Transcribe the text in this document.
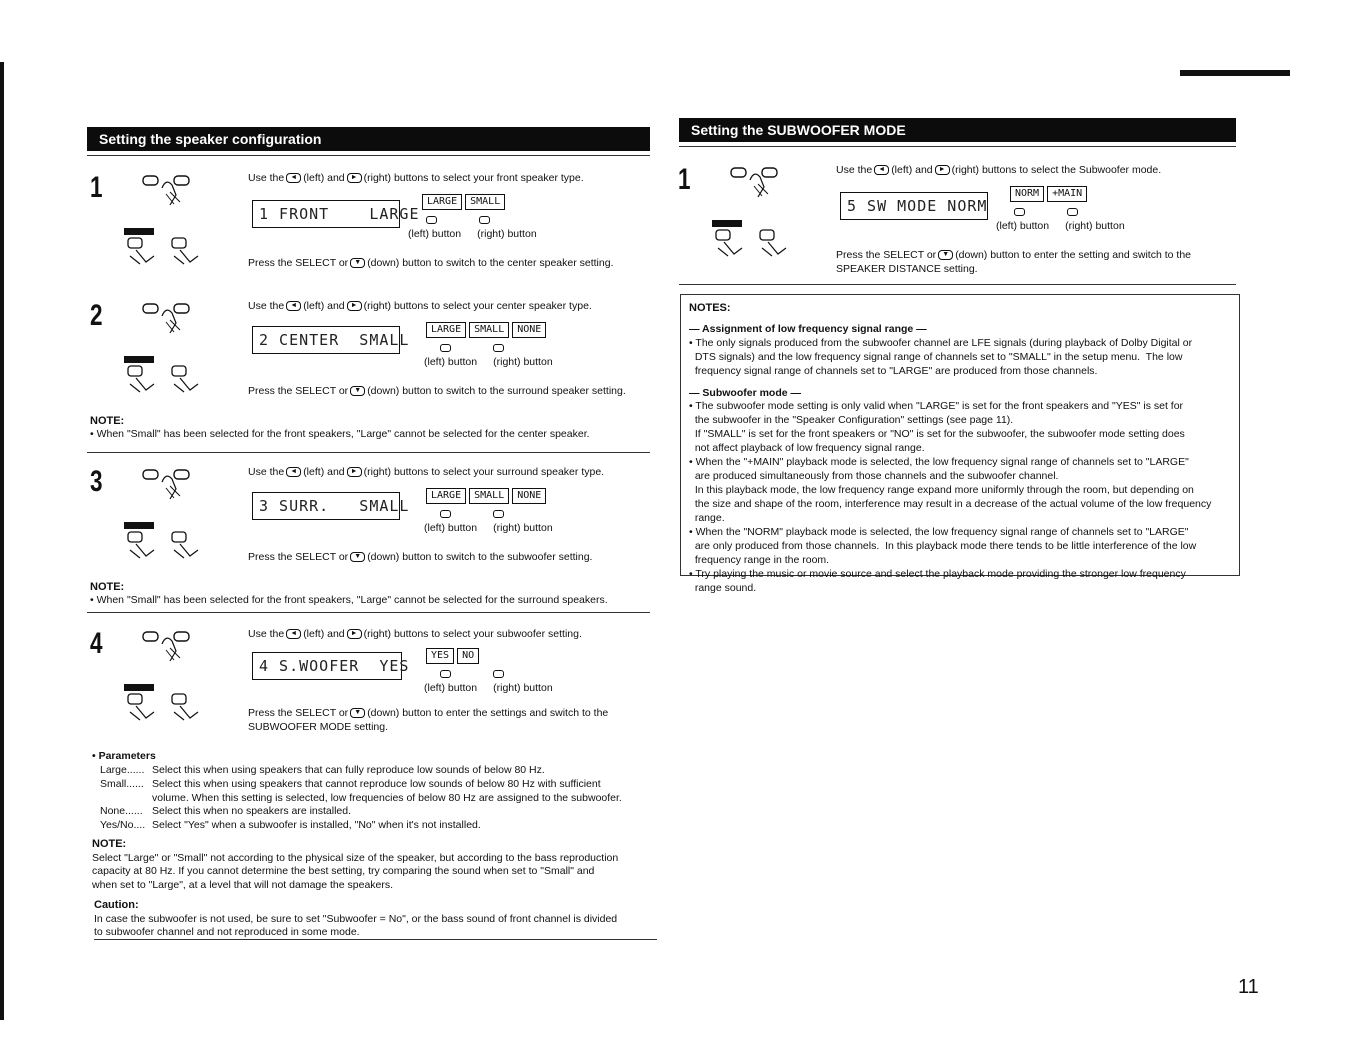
Setting the speaker configuration
1	Use the ◄ (left) and ► (right) buttons to select your front speaker type.
1 FRONT    LARGE
LARGE	SMALL
(left) button (right) button
Press the SELECT or ▼ (down) button to switch to the center speaker setting.
2	Use the ◄ (left) and ► (right) buttons to select your center speaker type.
2 CENTER  SMALL
LARGE	SMALL	NONE
(left) button (right) button
Press the SELECT or ▼ (down) button to switch to the surround speaker setting.
3	Use the ◄ (left) and ► (right) buttons to select your surround speaker type.
3 SURR.   SMALL
LARGE	SMALL	NONE
(left) button (right) button
Press the SELECT or ▼ (down) button to switch to the subwoofer setting.
4	Use the ◄ (left) and ► (right) buttons to select your subwoofer setting.
4 S.WOOFER  YES
YES	NO
(left) button (right) button
Press the SELECT or ▼ (down) button to enter the settings and switch to the
SUBWOOFER MODE setting.
NOTE:
• When "Small" has been selected for the front speakers, "Large" cannot be selected for the center speaker.
NOTE:
• When "Small" has been selected for the front speakers, "Large" cannot be selected for the surround speakers.
• Parameters
Large...... Select this when using speakers that can fully reproduce low sounds of below 80 Hz.
Small...... Select this when using speakers that cannot reproduce low sounds of below 80 Hz with sufficient
volume. When this setting is selected, low frequencies of below 80 Hz are assigned to the subwoofer.
None...... Select this when no speakers are installed.
Yes/No.... Select "Yes" when a subwoofer is installed, "No" when it's not installed.
NOTE:
Select "Large" or "Small" not according to the physical size of the speaker, but according to the bass reproduction
capacity at 80 Hz. If you cannot determine the best setting, try comparing the sound when set to "Small" and
when set to "Large", at a level that will not damage the speakers.
Caution:
In case the subwoofer is not used, be sure to set "Subwoofer = No", or the bass sound of front channel is divided
to subwoofer channel and not reproduced in some mode.
Setting the SUBWOOFER MODE
1	Use the ◄ (left) and ► (right) buttons to select the Subwoofer mode.
5 SW MODE NORM
NORM	+MAIN
(left) button (right) button
Press the SELECT or ▼ (down) button to enter the setting and switch to the
SPEAKER DISTANCE setting.
NOTES:
— Assignment of low frequency signal range —
• The only signals produced from the subwoofer channel are LFE signals (during playback of Dolby Digital or
DTS signals) and the low frequency signal range of channels set to "SMALL" in the setup menu.  The low
frequency signal range of channels set to "LARGE" are produced from those channels.
— Subwoofer mode —
• The subwoofer mode setting is only valid when "LARGE" is set for the front speakers and "YES" is set for
the subwoofer in the "Speaker Configuration" settings (see page 11).
If "SMALL" is set for the front speakers or "NO" is set for the subwoofer, the subwoofer mode setting does
not affect playback of low frequency signal range.
• When the "+MAIN" playback mode is selected, the low frequency signal range of channels set to "LARGE"
are produced simultaneously from those channels and the subwoofer channel.
In this playback mode, the low frequency range expand more uniformly through the room, but depending on
the size and shape of the room, interference may result in a decrease of the actual volume of the low frequency
range.
• When the "NORM" playback mode is selected, the low frequency signal range of channels set to "LARGE"
are only produced from those channels.  In this playback mode there tends to be little interference of the low
frequency range in the room.
• Try playing the music or movie source and select the playback mode providing the stronger low frequency
range sound.
11
